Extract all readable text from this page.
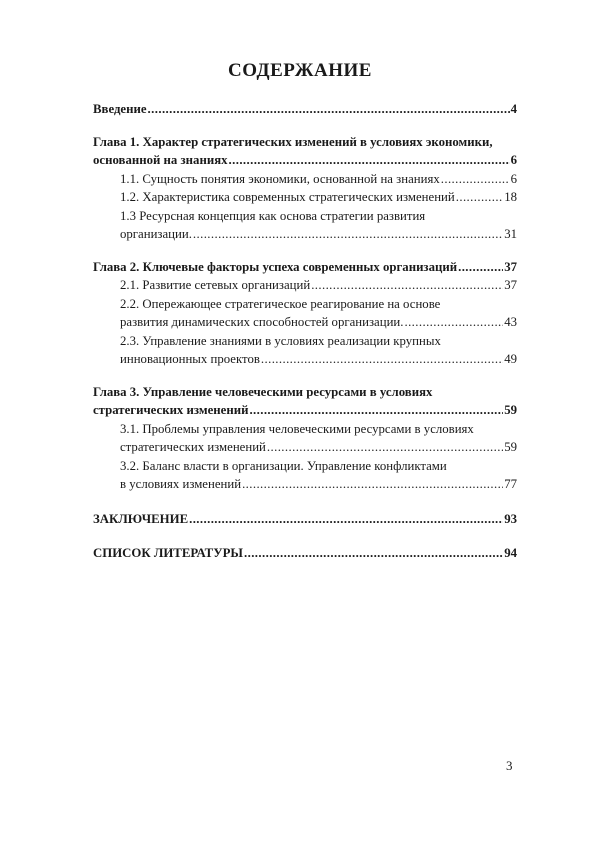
СОДЕРЖАНИЕ
Введение .....	4
Глава 1. Характер стратегических изменений в условиях экономики,
основанной на знаниях .....	6
1.1. Сущность понятия экономики, основанной на знаниях .....	6
1.2. Характеристика современных стратегических изменений .....	18
1.3 Ресурсная концепция как основа стратегии развития
организации. .....	31
Глава 2. Ключевые факторы успеха современных организаций .....	37
2.1. Развитие сетевых организаций .....	37
2.2. Опережающее стратегическое реагирование на основе
развития динамических способностей организации. .....	43
2.3. Управление знаниями в условиях реализации крупных
инновационных проектов .....	49
Глава 3. Управление человеческими ресурсами в условиях
стратегических изменений .....	59
3.1. Проблемы управления человеческими ресурсами в условиях
стратегических изменений .....	59
3.2. Баланс власти в организации. Управление конфликтами
в условиях изменений .....	77
ЗАКЛЮЧЕНИЕ .....	93
СПИСОК ЛИТЕРАТУРЫ .....	94
3
